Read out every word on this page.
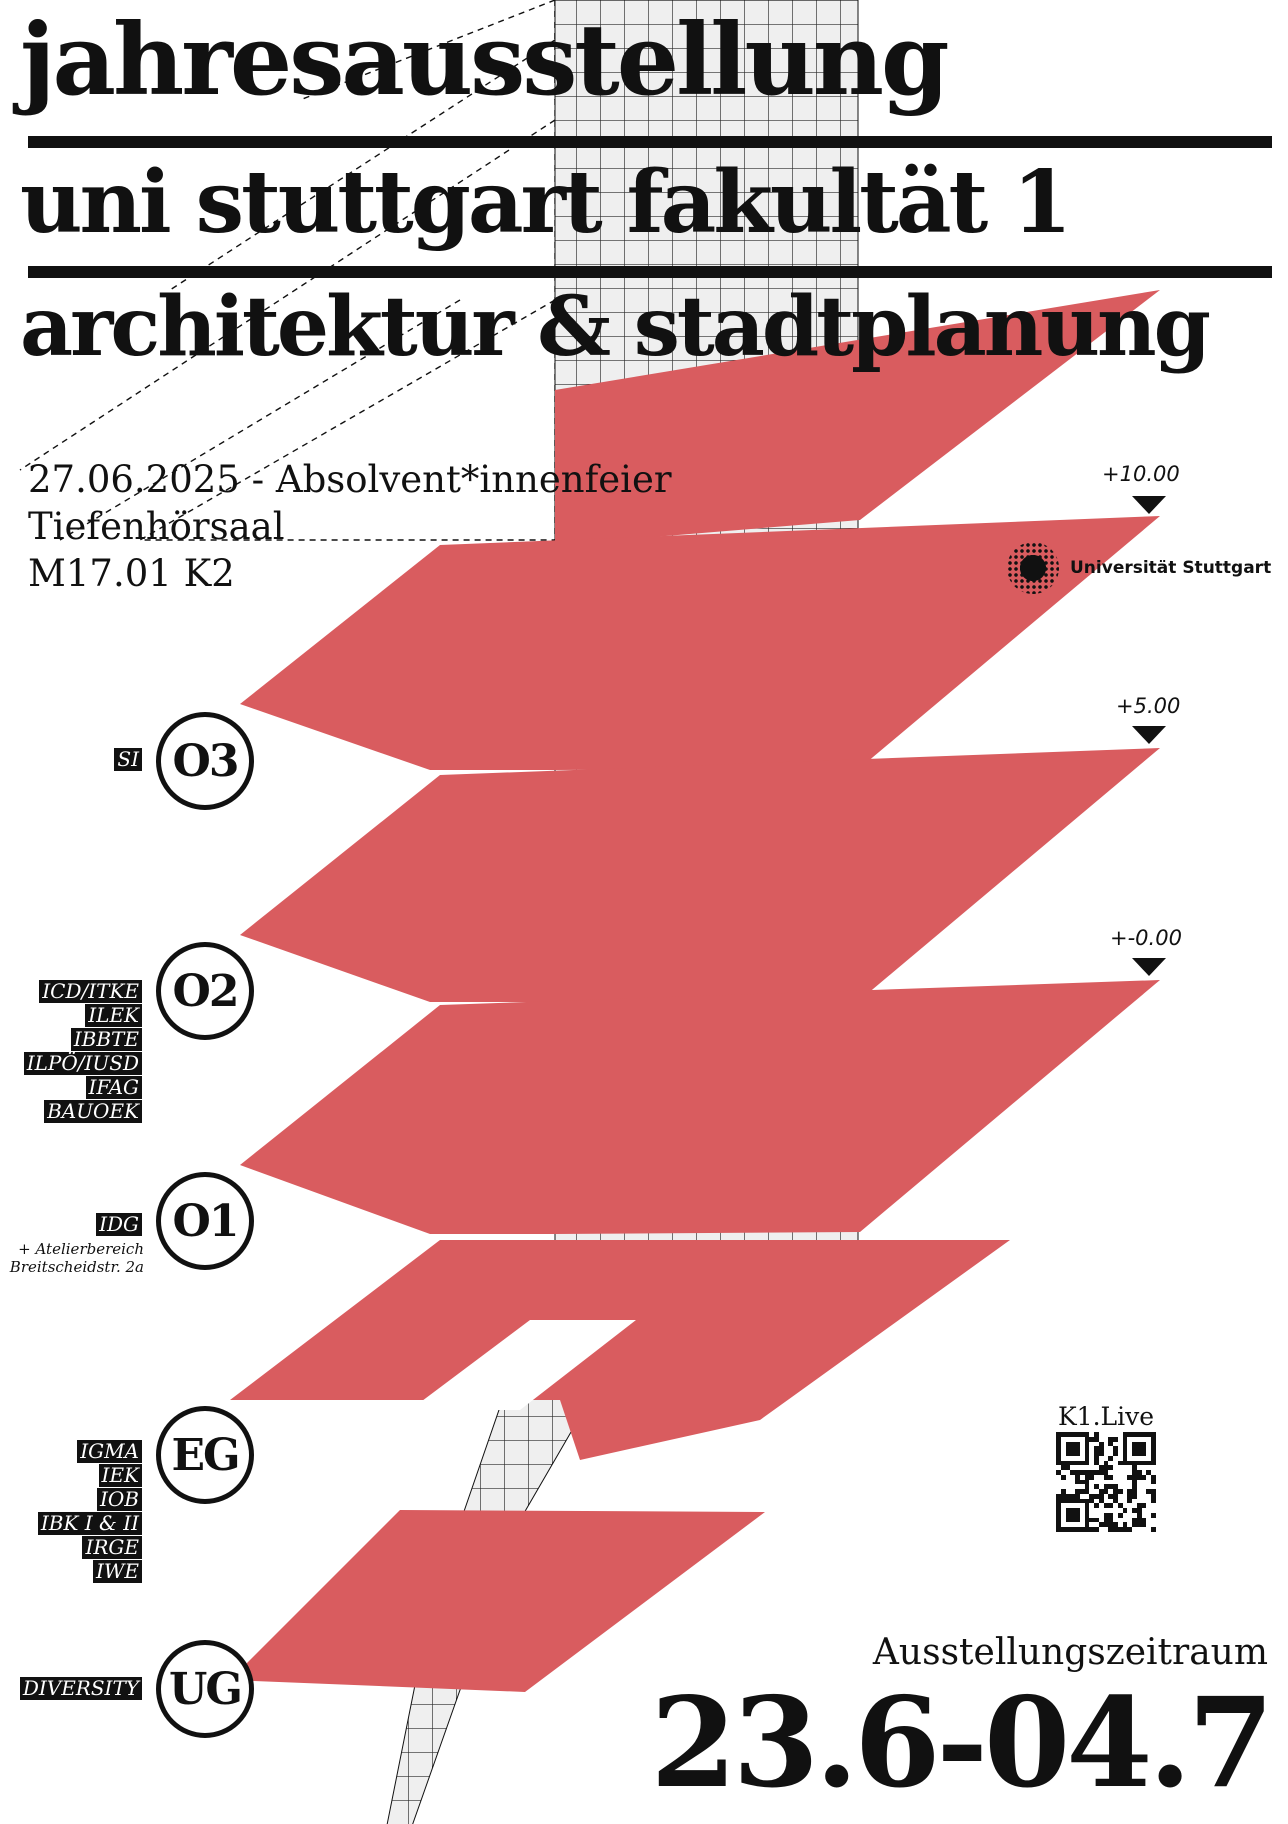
jahresausstellung
uni stuttgart fakultät 1
architektur & stadtplanung
27.06.2025 - Absolvent*innenfeier
Tiefenhörsaal
M17.01 K2
+10.00
+5.00
+-0.00
Universität Stuttgart
O3
O2
O1
EG
UG
SI
ICD/ITKE
ILEK
IBBTE
ILPÖ/IUSD
IFAG
BAUOEK
IDG
+ Atelierbereich
Breitscheidstr. 2a
IGMA
IEK
IOB
IBK I & II
IRGE
IWE
DIVERSITY
K1.Live
Ausstellungszeitraum
23.6-04.7
